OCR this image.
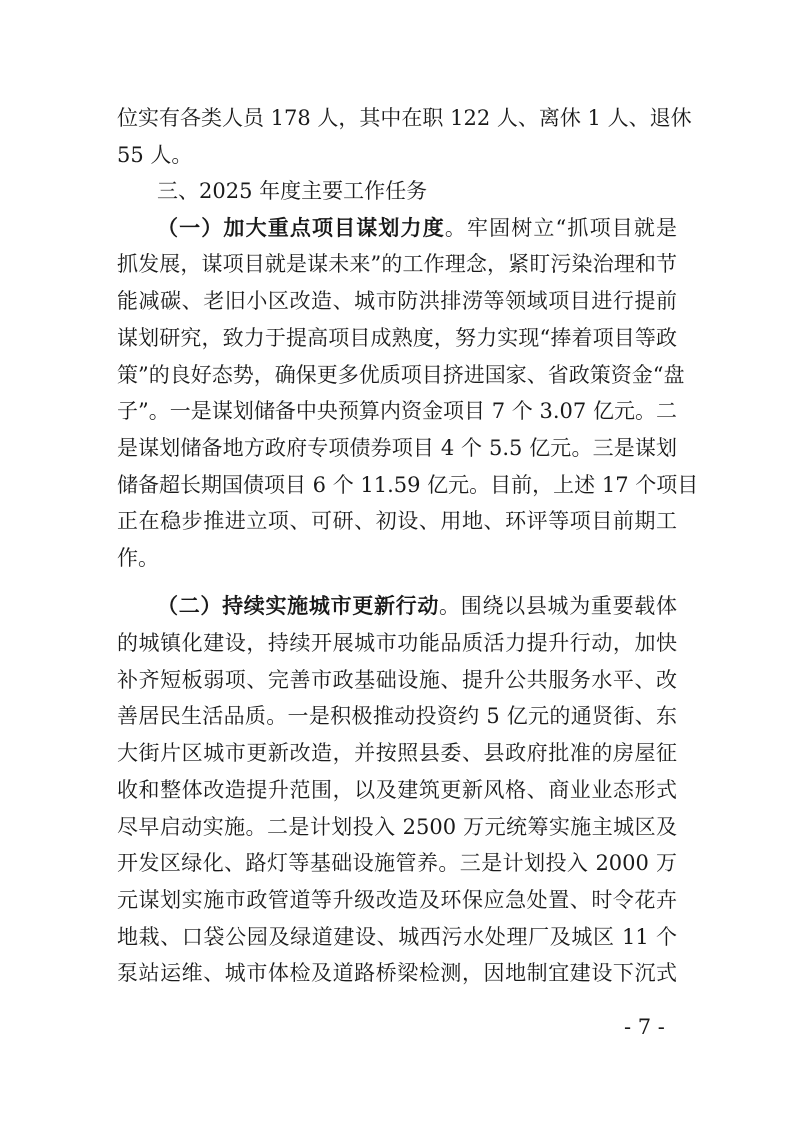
位实有各类人员 178 人，其中在职 122 人、离休 1 人、退休
55 人。
三、2025 年度主要工作任务
（一）加大重点项目谋划力度。牢固树立“抓项目就是
抓发展，谋项目就是谋未来”的工作理念，紧盯污染治理和节
能减碳、老旧小区改造、城市防洪排涝等领域项目进行提前
谋划研究，致力于提高项目成熟度，努力实现“捧着项目等政
策”的良好态势，确保更多优质项目挤进国家、省政策资金“盘
子”。一是谋划储备中央预算内资金项目 7 个 3.07 亿元。二
是谋划储备地方政府专项债券项目 4 个 5.5 亿元。三是谋划
储备超长期国债项目 6 个 11.59 亿元。目前，上述 17 个项目
正在稳步推进立项、可研、初设、用地、环评等项目前期工
作。
（二）持续实施城市更新行动。围绕以县城为重要载体
的城镇化建设，持续开展城市功能品质活力提升行动，加快
补齐短板弱项、完善市政基础设施、提升公共服务水平、改
善居民生活品质。一是积极推动投资约 5 亿元的通贤街、东
大街片区城市更新改造，并按照县委、县政府批准的房屋征
收和整体改造提升范围，以及建筑更新风格、商业业态形式
尽早启动实施。二是计划投入 2500 万元统筹实施主城区及
开发区绿化、路灯等基础设施管养。三是计划投入 2000 万
元谋划实施市政管道等升级改造及环保应急处置、时令花卉
地栽、口袋公园及绿道建设、城西污水处理厂及城区 11 个
泵站运维、城市体检及道路桥梁检测，因地制宜建设下沉式
- 7 -
